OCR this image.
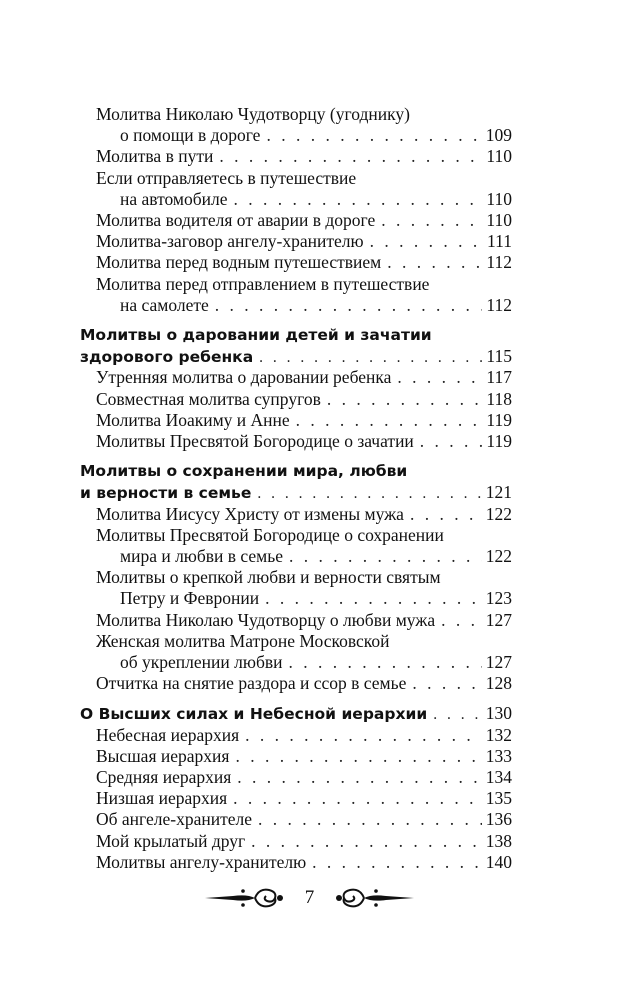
Молитва Николаю Чудотворцу (угоднику)
о помощи в дороге . . .	109
Молитва в пути . . .	110
Если отправляетесь в путешествие
на автомобиле . . .	110
Молитва водителя от аварии в дороге . . .	110
Молитва-заговор ангелу-хранителю . . .	111
Молитва перед водным путешествием . . .	112
Молитва перед отправлением в путешествие
на самолете . . .	112
Молитвы о даровании детей и зачатии
здорового ребенка . . .	115
Утренняя молитва о даровании ребенка . . .	117
Совместная молитва супругов . . .	118
Молитва Иоакиму и Анне . . .	119
Молитвы Пресвятой Богородице о зачатии . . .	119
Молитвы о сохранении мира, любви
и верности в семье . . .	121
Молитва Иисусу Христу от измены мужа . . .	122
Молитвы Пресвятой Богородице о сохранении
мира и любви в семье . . .	122
Молитвы о крепкой любви и верности святым
Петру и Февронии . . .	123
Молитва Николаю Чудотворцу о любви мужа . . .	127
Женская молитва Матроне Московской
об укреплении любви . . .	127
Отчитка на снятие раздора и ссор в семье . . .	128
О Высших силах и Небесной иерархии . . .	130
Небесная иерархия . . .	132
Высшая иерархия . . .	133
Средняя иерархия . . .	134
Низшая иерархия . . .	135
Об ангеле-хранителе . . .	136
Мой крылатый друг . . .	138
Молитвы ангелу-хранителю . . .	140
7
